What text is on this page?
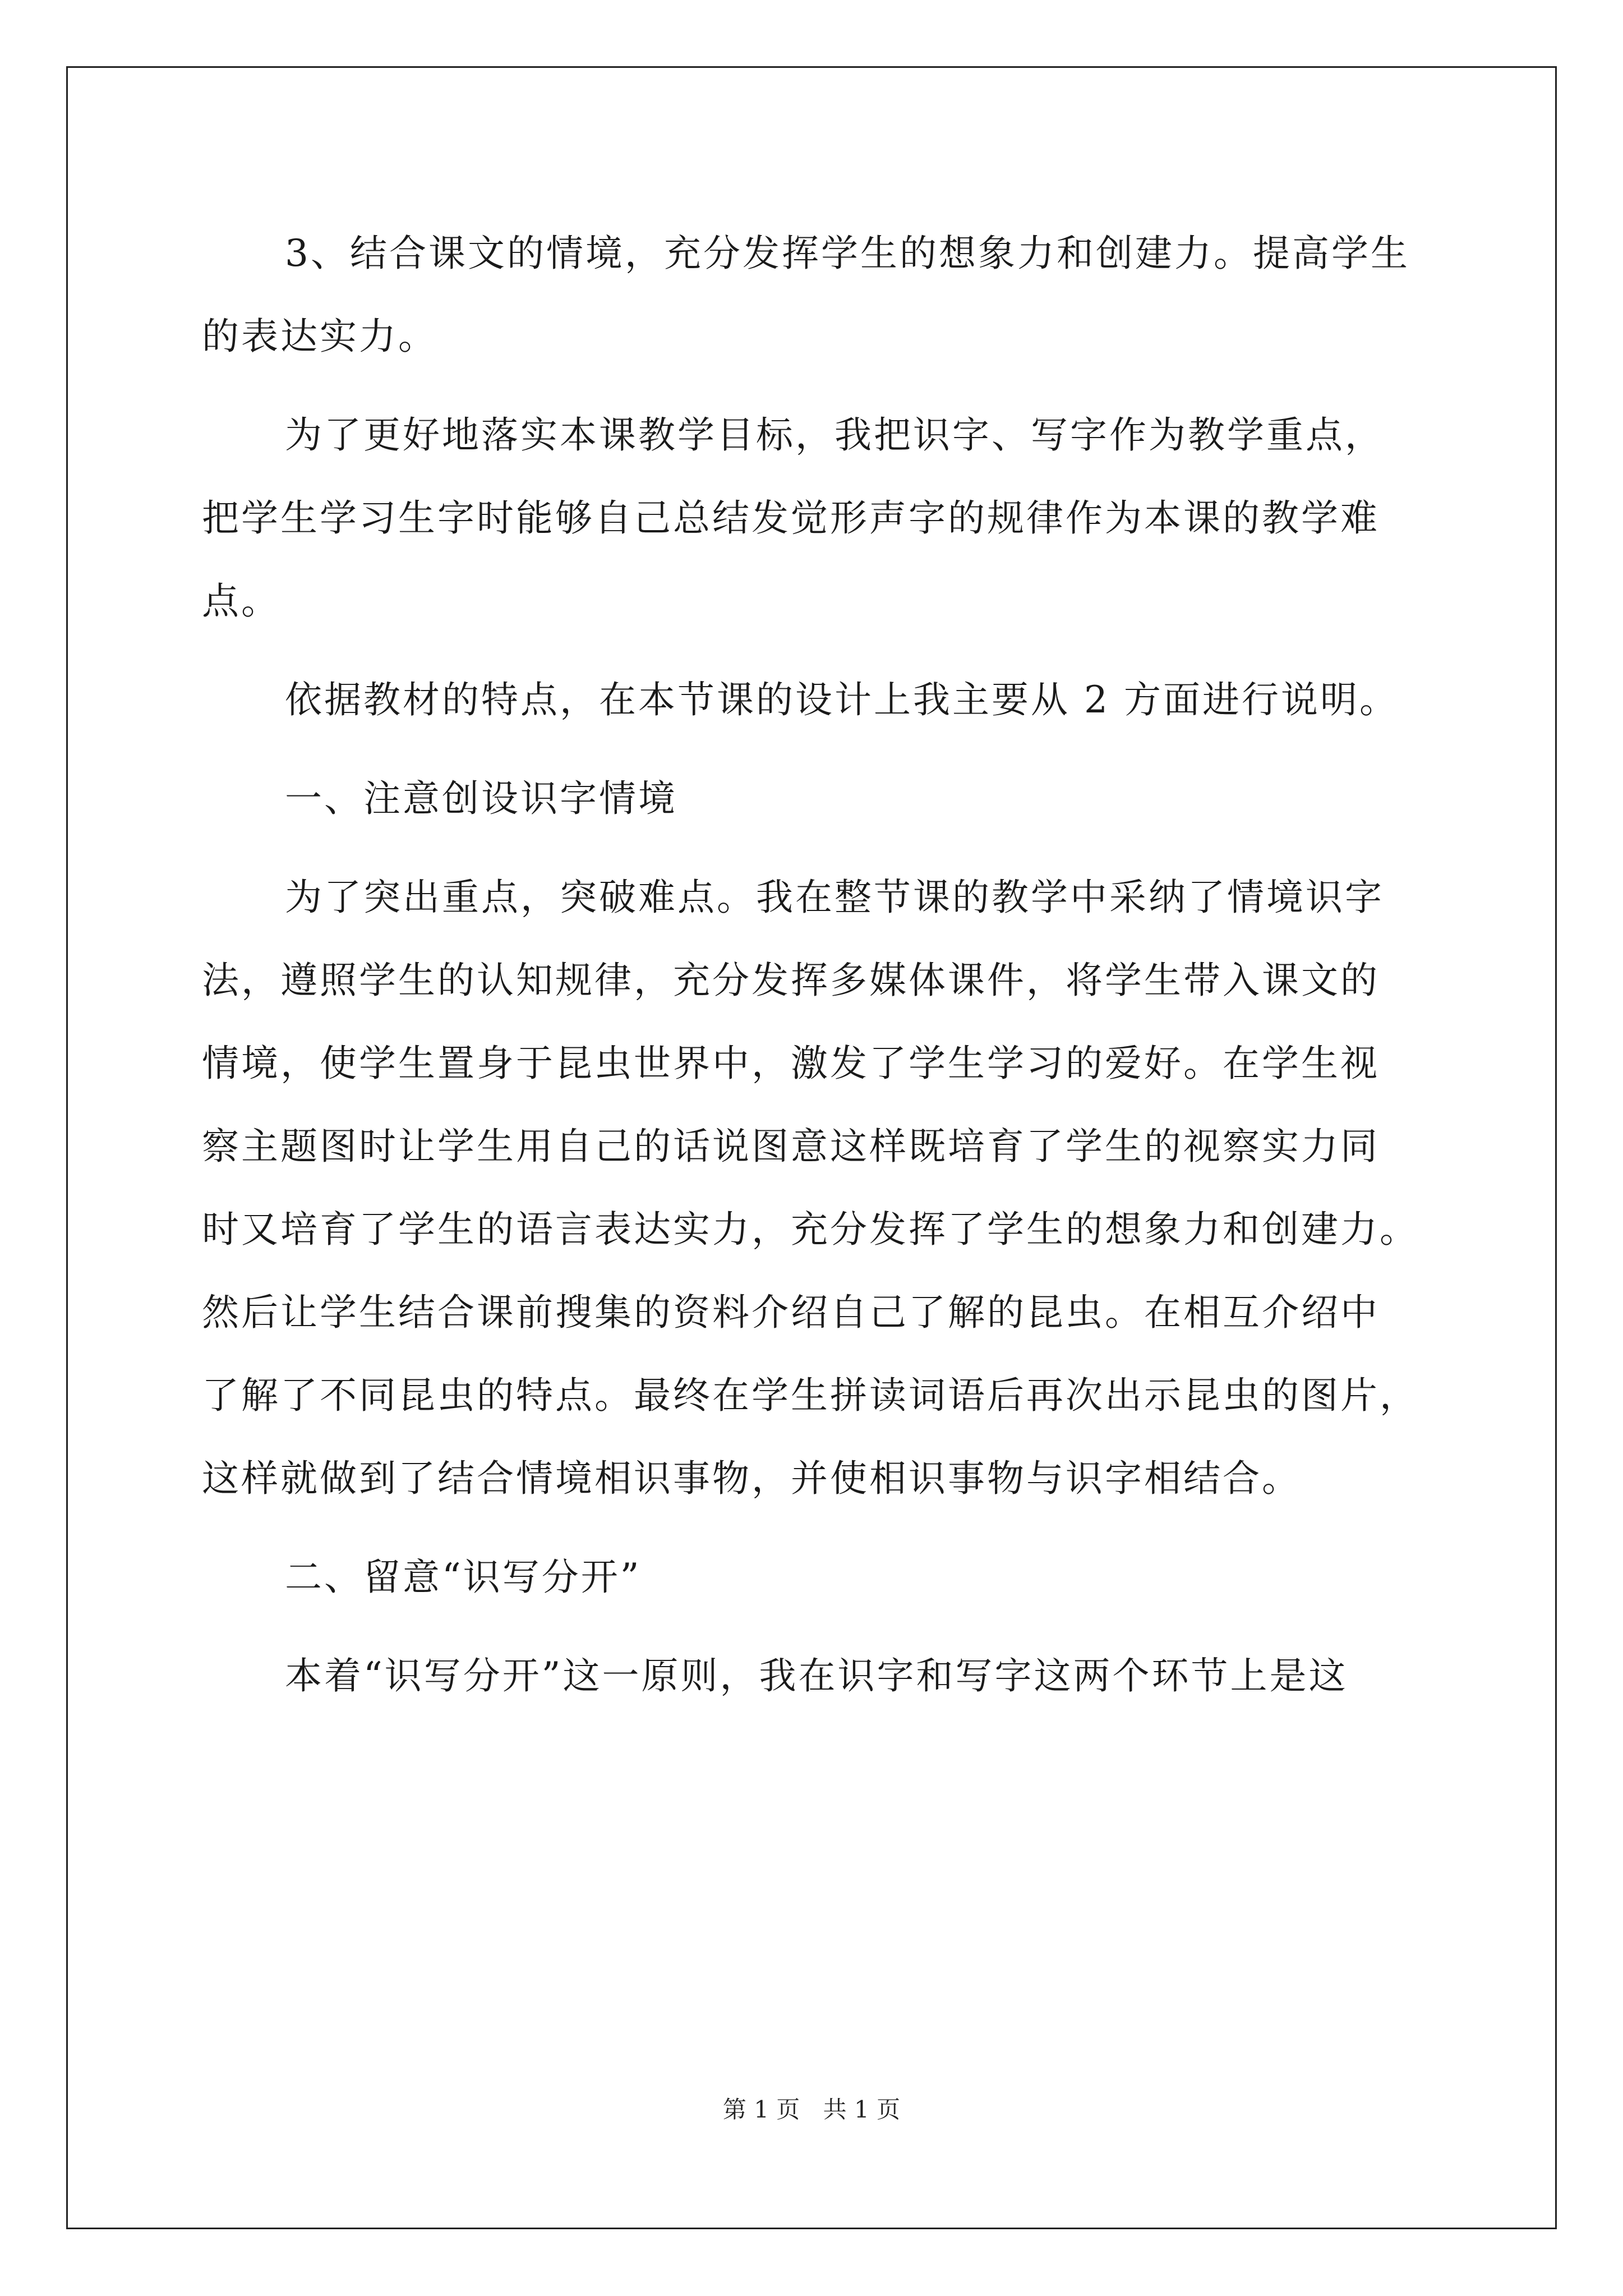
3、结合课文的情境，充分发挥学生的想象力和创建力。提高学生
的表达实力。
为了更好地落实本课教学目标，我把识字、写字作为教学重点，
把学生学习生字时能够自己总结发觉形声字的规律作为本课的教学难
点。
依据教材的特点，在本节课的设计上我主要从 2 方面进行说明。
一、注意创设识字情境
为了突出重点，突破难点。我在整节课的教学中采纳了情境识字
法，遵照学生的认知规律，充分发挥多媒体课件，将学生带入课文的
情境，使学生置身于昆虫世界中，激发了学生学习的爱好。在学生视
察主题图时让学生用自己的话说图意这样既培育了学生的视察实力同
时又培育了学生的语言表达实力，充分发挥了学生的想象力和创建力。
然后让学生结合课前搜集的资料介绍自己了解的昆虫。在相互介绍中
了解了不同昆虫的特点。最终在学生拼读词语后再次出示昆虫的图片，
这样就做到了结合情境相识事物，并使相识事物与识字相结合。
二、留意“识写分开”
本着“识写分开”这一原则，我在识字和写字这两个环节上是这
第 1 页 共 1 页
